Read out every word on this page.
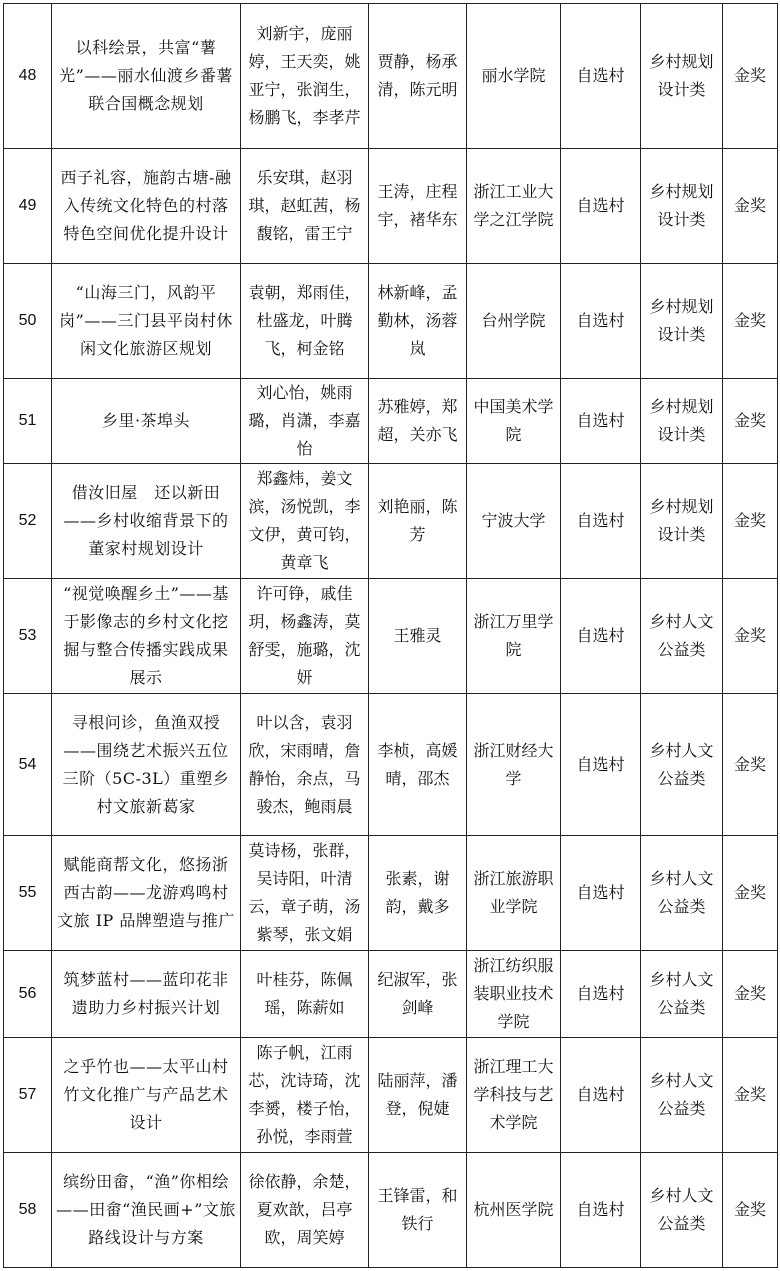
48	以科绘景，共富“薯光”——丽水仙渡乡番薯联合国概念规划	刘新宇，庞丽婷，王天奕，姚亚宁，张润生，杨鹏飞，李孝芹	贾静，杨承清，陈元明	丽水学院	自选村	乡村规划设计类	金奖
49	西子礼容，施韵古塘-融入传统文化特色的村落特色空间优化提升设计	乐安琪，赵羽琪，赵虹茜，杨馥铭，雷王宁	王涛，庄程宇，褚华东	浙江工业大学之江学院	自选村	乡村规划设计类	金奖
50	“山海三门，风韵平岗”——三门县平岗村休闲文化旅游区规划	袁朝，郑雨佳，杜盛龙，叶腾飞，柯金铭	林新峰，孟勤林，汤蓉岚	台州学院	自选村	乡村规划设计类	金奖
51	乡里·茶埠头	刘心怡，姚雨璐，肖潇，李嘉怡	苏雅婷，郑超，关亦飞	中国美术学院	自选村	乡村规划设计类	金奖
52	借汝旧屋　还以新田——乡村收缩背景下的董家村规划设计	郑鑫炜，姜文滨，汤悦凯，李文伊，黄可钧，黄章飞	刘艳丽，陈芳	宁波大学	自选村	乡村规划设计类	金奖
53	“视觉唤醒乡土”——基于影像志的乡村文化挖掘与整合传播实践成果展示	许可铮，戚佳玥，杨鑫涛，莫舒雯，施璐，沈妍	王雅灵	浙江万里学院	自选村	乡村人文公益类	金奖
54	寻根问诊，鱼渔双授——围绕艺术振兴五位三阶（5C-3L）重塑乡村文旅新葛家	叶以含，袁羽欣，宋雨晴，詹静怡，余点，马骏杰，鲍雨晨	李桢，高媛晴，邵杰	浙江财经大学	自选村	乡村人文公益类	金奖
55	赋能商帮文化，悠扬浙西古韵——龙游鸡鸣村文旅 IP 品牌塑造与推广	莫诗杨，张群，吴诗阳，叶清云，章子萌，汤紫琴，张文娟	张素，谢韵，戴多	浙江旅游职业学院	自选村	乡村人文公益类	金奖
56	筑梦蓝村——蓝印花非遗助力乡村振兴计划	叶桂芬，陈佩瑶，陈薪如	纪淑军，张剑峰	浙江纺织服装职业技术学院	自选村	乡村人文公益类	金奖
57	之乎竹也——太平山村竹文化推广与产品艺术设计	陈子帆，江雨芯，沈诗琦，沈李赟，楼子怡，孙悦，李雨萱	陆丽萍，潘登，倪婕	浙江理工大学科技与艺术学院	自选村	乡村人文公益类	金奖
58	缤纷田畲，“渔”你相绘——田畲“渔民画+”文旅路线设计与方案	徐依静，余楚，夏欢歆，吕亭欧，周笑婷	王锋雷，和铁行	杭州医学院	自选村	乡村人文公益类	金奖
